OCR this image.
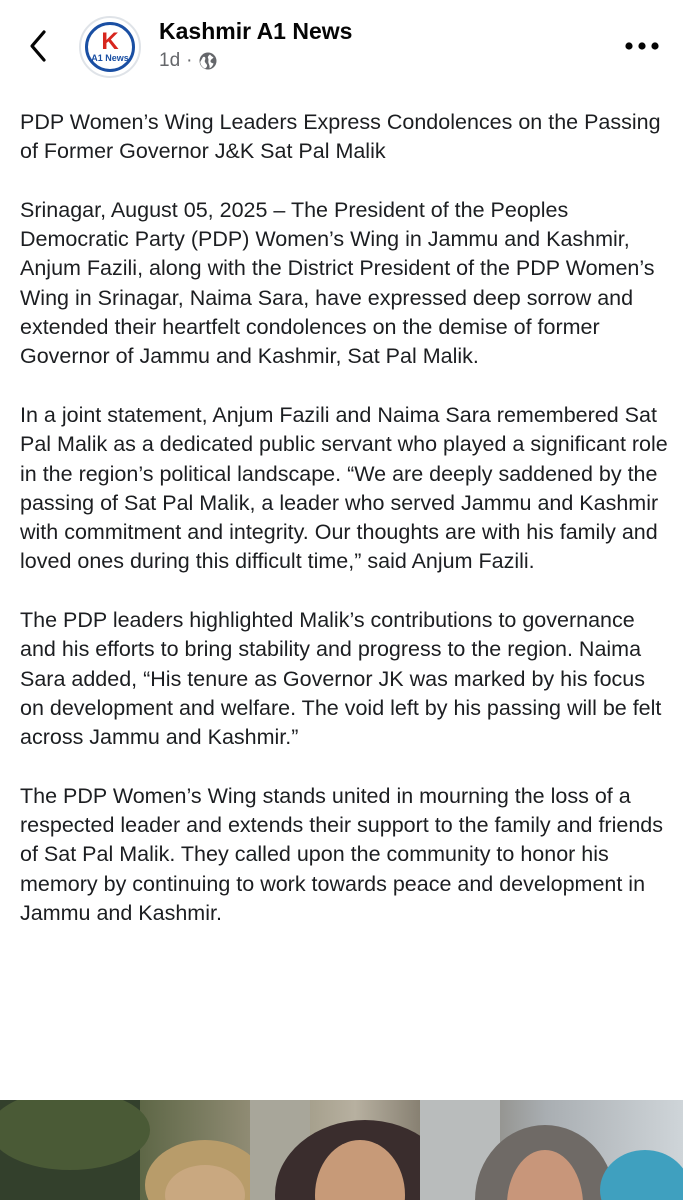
K
A1 News
Kashmir A1 News
1d ·

PDP Women’s Wing Leaders Express Condolences on the Passing of Former Governor J&K Sat Pal Malik

Srinagar, August 05, 2025 – The President of the Peoples Democratic Party (PDP) Women’s Wing in Jammu and Kashmir, Anjum Fazili, along with the District President of the PDP Women’s Wing in Srinagar, Naima Sara, have expressed deep sorrow and extended their heartfelt condolences on the demise of former Governor of Jammu and Kashmir, Sat Pal Malik.

In a joint statement, Anjum Fazili and Naima Sara remembered Sat Pal Malik as a dedicated public servant who played a significant role in the region’s political landscape. “We are deeply saddened by the passing of Sat Pal Malik, a leader who served Jammu and Kashmir with commitment and integrity. Our thoughts are with his family and loved ones during this difficult time,” said Anjum Fazili.

The PDP leaders highlighted Malik’s contributions to governance and his efforts to bring stability and progress to the region. Naima Sara added, “His tenure as Governor JK was marked by his focus on development and welfare. The void left by his passing will be felt across Jammu and Kashmir.”

The PDP Women’s Wing stands united in mourning the loss of a respected leader and extends their support to the family and friends of Sat Pal Malik. They called upon the community to honor his memory by continuing to work towards peace and development in Jammu and Kashmir.
